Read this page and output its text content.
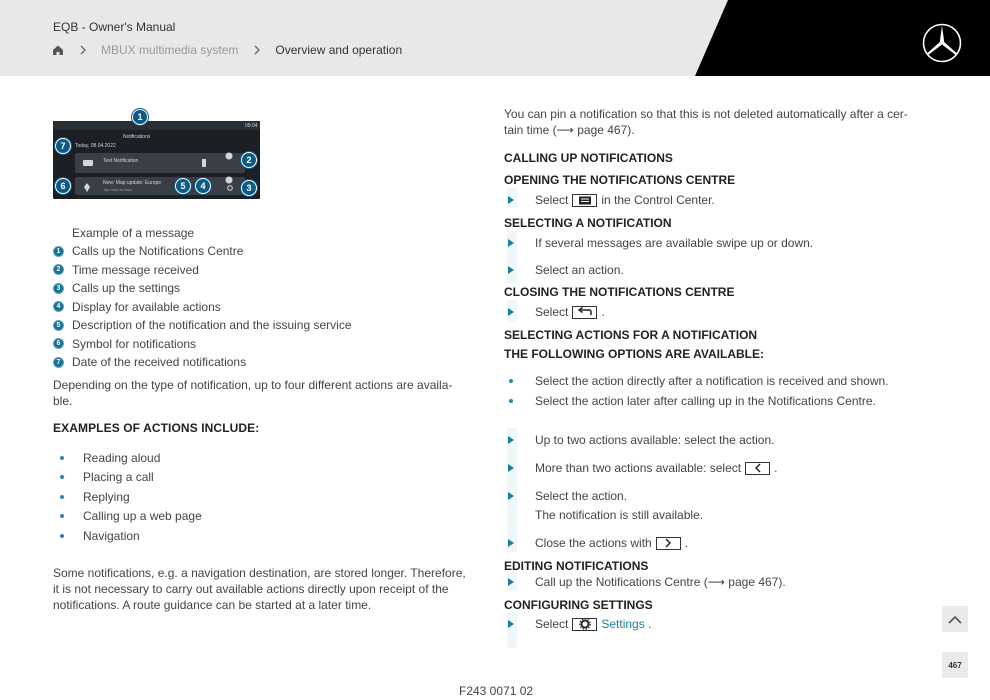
EQB - Owner's Manual
MBUX multimedia system	Overview and operation
09:04
Notifications
Today, 08.04.2022
Test Notification
New: Map update: Europe
Tap here to start
1
2
3
4
5
6
7
Example of a message
1 Calls up the Notifications Centre
2 Time message received
3 Calls up the settings
4 Display for available actions
5 Description of the notification and the issuing service
6 Symbol for notifications
7 Date of the received notifications
Depending on the type of notification, up to four different actions are availa-
ble.
EXAMPLES OF ACTIONS INCLUDE:
Reading aloud
Placing a call
Replying
Calling up a web page
Navigation
Some notifications, e.g. a navigation destination, are stored longer. Therefore,
it is not necessary to carry out available actions directly upon receipt of the
notifications. A route guidance can be started at a later time.
You can pin a notification so that this is not deleted automatically after a cer-
tain time (⟶ page 467).
CALLING UP NOTIFICATIONS
OPENING THE NOTIFICATIONS CENTRE
Select	in the Control Center.
SELECTING A NOTIFICATION
If several messages are available swipe up or down.
Select an action.
CLOSING THE NOTIFICATIONS CENTRE
Select	.
SELECTING ACTIONS FOR A NOTIFICATION
THE FOLLOWING OPTIONS ARE AVAILABLE:
Select the action directly after a notification is received and shown.
Select the action later after calling up in the Notifications Centre.
Up to two actions available: select the action.
More than two actions available: select	.
Select the action.
The notification is still available.
Close the actions with	.
EDITING NOTIFICATIONS
Call up the Notifications Centre (⟶ page 467).
CONFIGURING SETTINGS
Select	Settings
.
467
F243 0071 02
